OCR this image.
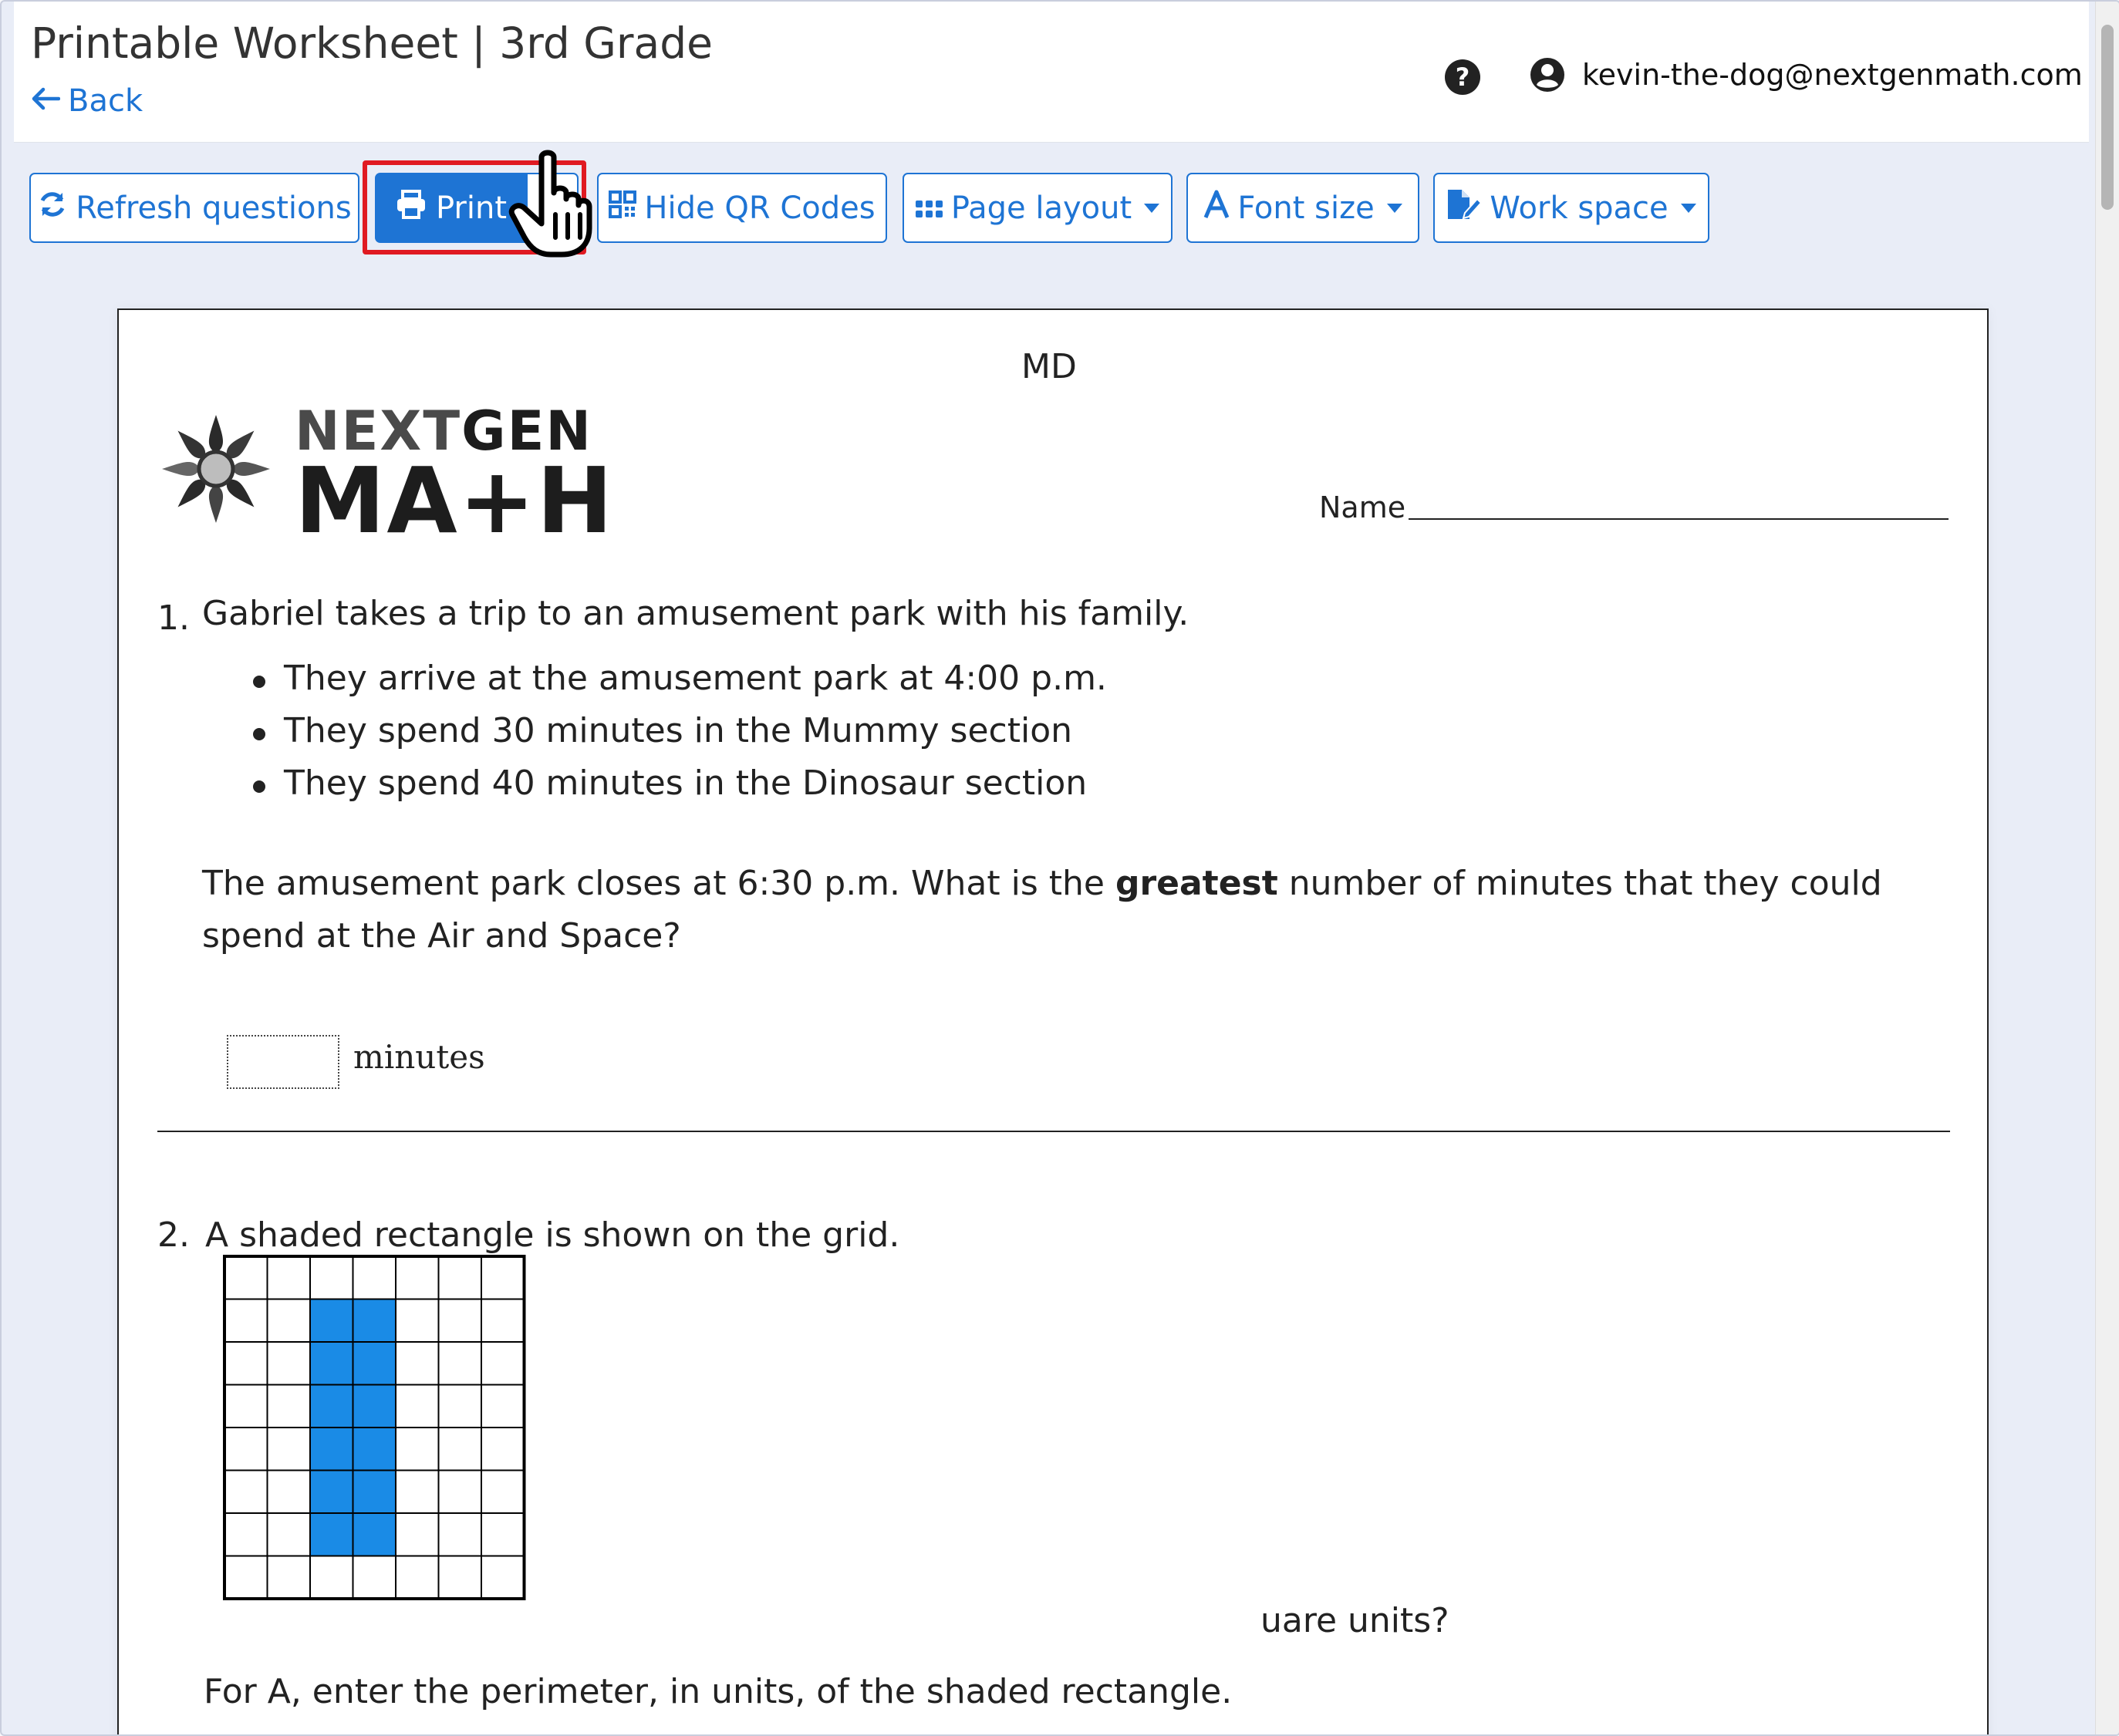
Printable Worksheet | 3rd Grade
Back
?	kevin-the-dog@nextgenmath.com
Refresh questions	Print	Hide QR Codes Page layout	Font size	Work space
MD
NEXTGEN
MA+H	Name
1. Gabriel takes a trip to an amusement park with his family.
They arrive at the amusement park at 4:00 p.m.
They spend 30 minutes in the Mummy section
They spend 40 minutes in the Dinosaur section
The amusement park closes at 6:30 p.m. What is the greatest number of minutes that they could spend at the Air and Space?
minutes
2. A shaded rectangle is shown on the grid.
uare units?
For A, enter the perimeter, in units, of the shaded rectangle.
